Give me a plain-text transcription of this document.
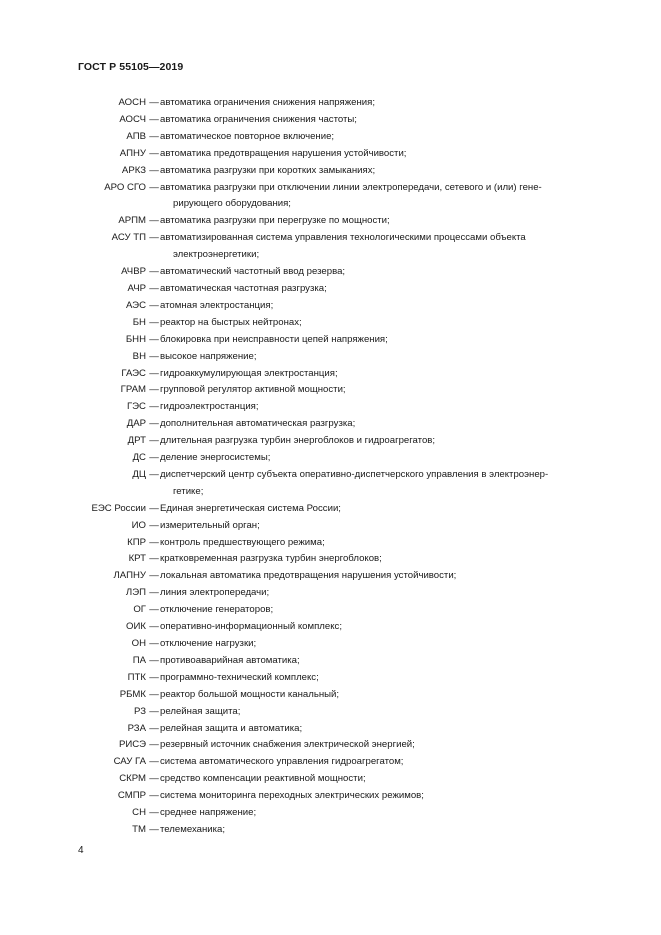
ГОСТ Р 55105—2019
АОСН — автоматика ограничения снижения напряжения;
АОСЧ — автоматика ограничения снижения частоты;
АПВ — автоматическое повторное включение;
АПНУ — автоматика предотвращения нарушения устойчивости;
АРКЗ — автоматика разгрузки при коротких замыканиях;
АРО СГО — автоматика разгрузки при отключении линии электропередачи, сетевого и (или) гене-
рирующего оборудования;
АРПМ — автоматика разгрузки при перегрузке по мощности;
АСУ ТП — автоматизированная система управления технологическими процессами объекта
электроэнергетики;
АЧВР — автоматический частотный ввод резерва;
АЧР — автоматическая частотная разгрузка;
АЭС — атомная электростанция;
БН — реактор на быстрых нейтронах;
БНН — блокировка при неисправности цепей напряжения;
ВН — высокое напряжение;
ГАЭС — гидроаккумулирующая электростанция;
ГРАМ — групповой регулятор активной мощности;
ГЭС — гидроэлектростанция;
ДАР — дополнительная автоматическая разгрузка;
ДРТ — длительная разгрузка турбин энергоблоков и гидроагрегатов;
ДС — деление энергосистемы;
ДЦ — диспетчерский центр субъекта оперативно-диспетчерского управления в электроэнер-
гетике;
ЕЭС России — Единая энергетическая система России;
ИО — измерительный орган;
КПР — контроль предшествующего режима;
КРТ — кратковременная разгрузка турбин энергоблоков;
ЛАПНУ — локальная автоматика предотвращения нарушения устойчивости;
ЛЭП — линия электропередачи;
ОГ — отключение генераторов;
ОИК — оперативно-информационный комплекс;
ОН — отключение нагрузки;
ПА — противоаварийная автоматика;
ПТК — программно-технический комплекс;
РБМК — реактор большой мощности канальный;
РЗ — релейная защита;
РЗА — релейная защита и автоматика;
РИСЭ — резервный источник снабжения электрической энергией;
САУ ГА — система автоматического управления гидроагрегатом;
СКРМ — средство компенсации реактивной мощности;
СМПР — система мониторинга переходных электрических режимов;
СН — среднее напряжение;
ТМ — телемеханика;
4
